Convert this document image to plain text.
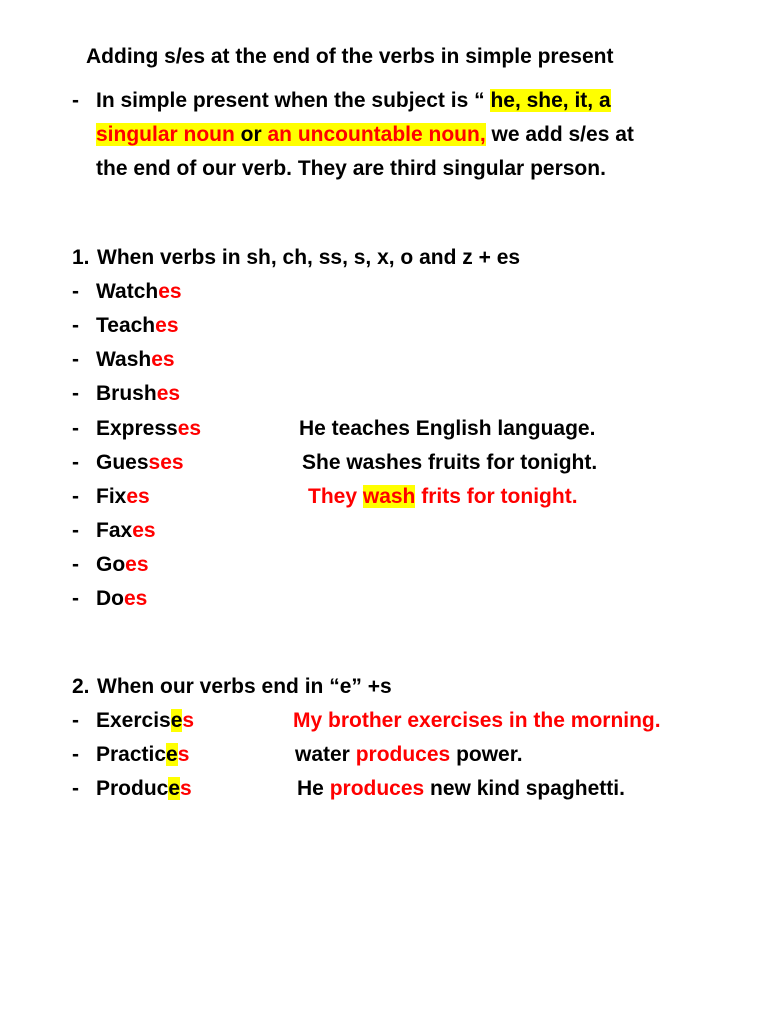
Adding s/es at the end of the verbs in simple present
- In simple present when the subject is “ he, she, it, a
singular noun or an uncountable noun, we add s/es at
the end of our verb. They are third singular person.
1. When verbs in sh, ch, ss, s, x, o and z + es
- Watches
- Teaches
- Washes
- Brushes
- Expresses	He teaches English language.
- Guesses	She washes fruits for tonight.
- Fixes	They wash frits for tonight.
- Faxes
- Goes
- Does
2. When our verbs end in “e” +s
- Exercises	My brother exercises in the morning.
- Practices	water produces power.
- Produces	He produces new kind spaghetti.
